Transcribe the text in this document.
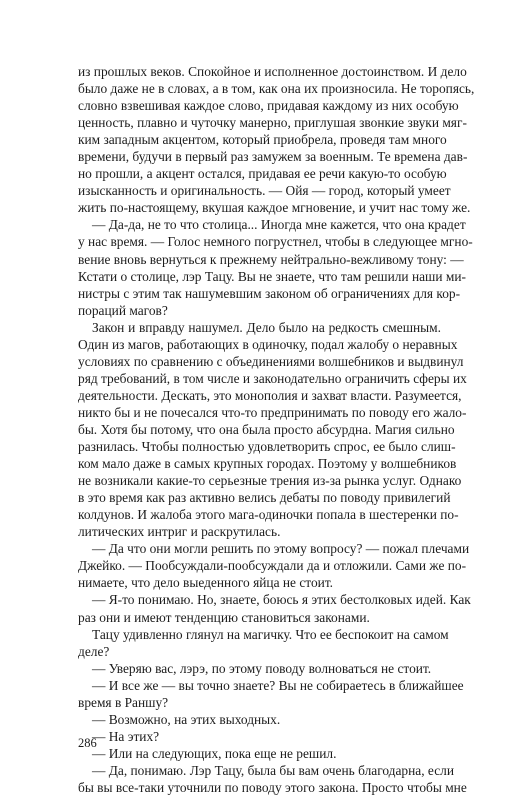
из прошлых веков. Спокойное и исполненное достоинством. И дело
было даже не в словах, а в том, как она их произносила. Не торопясь,
словно взвешивая каждое слово, придавая каждому из них особую
ценность, плавно и чуточку манерно, приглушая звонкие звуки мяг-
ким западным акцентом, который приобрела, проведя там много
времени, будучи в первый раз замужем за военным. Те времена дав-
но прошли, а акцент остался, придавая ее речи какую-то особую
изысканность и оригинальность. — Ойя — город, который умеет
жить по-настоящему, вкушая каждое мгновение, и учит нас тому же.
— Да-да, не то что столица... Иногда мне кажется, что она крадет
у нас время. — Голос немного погрустнел, чтобы в следующее мгно-
вение вновь вернуться к прежнему нейтрально-вежливому тону: —
Кстати о столице, лэр Тацу. Вы не знаете, что там решили наши ми-
нистры с этим так нашумевшим законом об ограничениях для кор-
пораций магов?
Закон и вправду нашумел. Дело было на редкость смешным.
Один из магов, работающих в одиночку, подал жалобу о неравных
условиях по сравнению с объединениями волшебников и выдвинул
ряд требований, в том числе и законодательно ограничить сферы их
деятельности. Дескать, это монополия и захват власти. Разумеется,
никто бы и не почесался что-то предпринимать по поводу его жало-
бы. Хотя бы потому, что она была просто абсурдна. Магия сильно
разнилась. Чтобы полностью удовлетворить спрос, ее было слиш-
ком мало даже в самых крупных городах. Поэтому у волшебников
не возникали какие-то серьезные трения из-за рынка услуг. Однако
в это время как раз активно велись дебаты по поводу привилегий
колдунов. И жалоба этого мага-одиночки попала в шестеренки по-
литических интриг и раскрутилась.
— Да что они могли решить по этому вопросу? — пожал плечами
Джейко. — Пообсуждали-пообсуждали да и отложили. Сами же по-
нимаете, что дело выеденного яйца не стоит.
— Я-то понимаю. Но, знаете, боюсь я этих бестолковых идей. Как
раз они и имеют тенденцию становиться законами.
Тацу удивленно глянул на магичку. Что ее беспокоит на самом
деле?
— Уверяю вас, лэрэ, по этому поводу волноваться не стоит.
— И все же — вы точно знаете? Вы не собираетесь в ближайшее
время в Раншу?
— Возможно, на этих выходных.
— На этих?
— Или на следующих, пока еще не решил.
— Да, понимаю. Лэр Тацу, была бы вам очень благодарна, если
бы вы все-таки уточнили по поводу этого закона. Просто чтобы мне
286
